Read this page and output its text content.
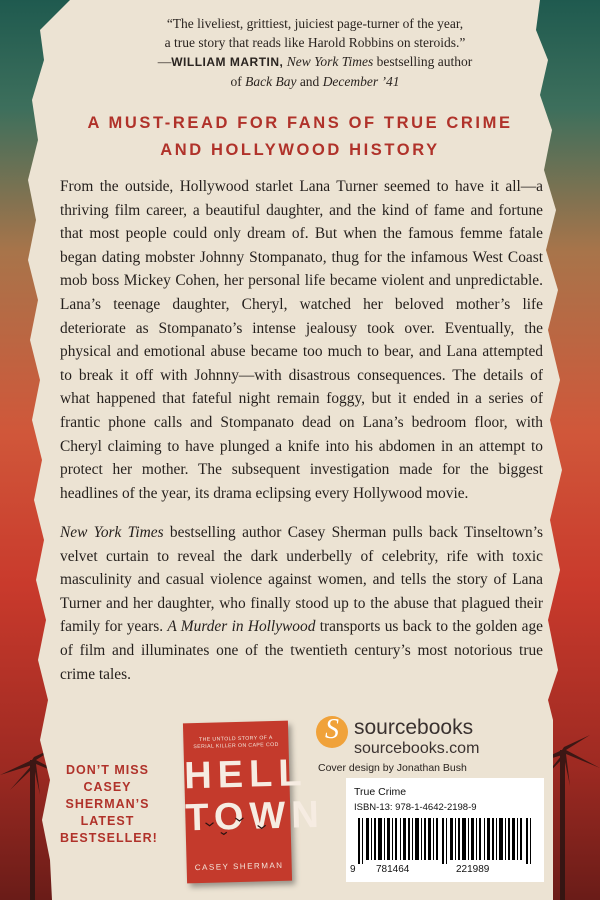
“The liveliest, grittiest, juiciest page-turner of the year,
a true story that reads like Harold Robbins on steroids.”
—WILLIAM MARTIN, New York Times bestselling author
of Back Bay and December ’41
A MUST-READ FOR FANS OF TRUE CRIME
AND HOLLYWOOD HISTORY
From the outside, Hollywood starlet Lana Turner seemed to have it all—a thriving film career, a beautiful daughter, and the kind of fame and fortune that most people could only dream of. But when the famous femme fatale began dating mobster Johnny Stompanato, thug for the infamous West Coast mob boss Mickey Cohen, her personal life became violent and unpredictable. Lana’s teenage daughter, Cheryl, watched her beloved mother’s life deteriorate as Stompanato’s intense jealousy took over. Eventually, the physical and emotional abuse became too much to bear, and Lana attempted to break it off with Johnny—with disastrous consequences. The details of what happened that fateful night remain foggy, but it ended in a series of frantic phone calls and Stompanato dead on Lana’s bedroom floor, with Cheryl claiming to have plunged a knife into his abdomen in an attempt to protect her mother. The subsequent investigation made for the biggest headlines of the year, its drama eclipsing every Hollywood movie.
New York Times bestselling author Casey Sherman pulls back Tinseltown’s velvet curtain to reveal the dark underbelly of celebrity, rife with toxic masculinity and casual violence against women, and tells the story of Lana Turner and her daughter, who finally stood up to the abuse that plagued their family for years. A Murder in Hollywood transports us back to the golden age of film and illuminates one of the twentieth century’s most notorious true crime tales.
DON’T MISS
CASEY
SHERMAN’S
LATEST
BESTSELLER!
THE UNTOLD STORY OF A SERIAL KILLER ON CAPE COD
HELL
TOWN
CASEY SHERMAN
S sourcebooks
sourcebooks.com
Cover design by Jonathan Bush
True Crime
ISBN-13: 978-1-4642-2198-9
9 781464	221989
